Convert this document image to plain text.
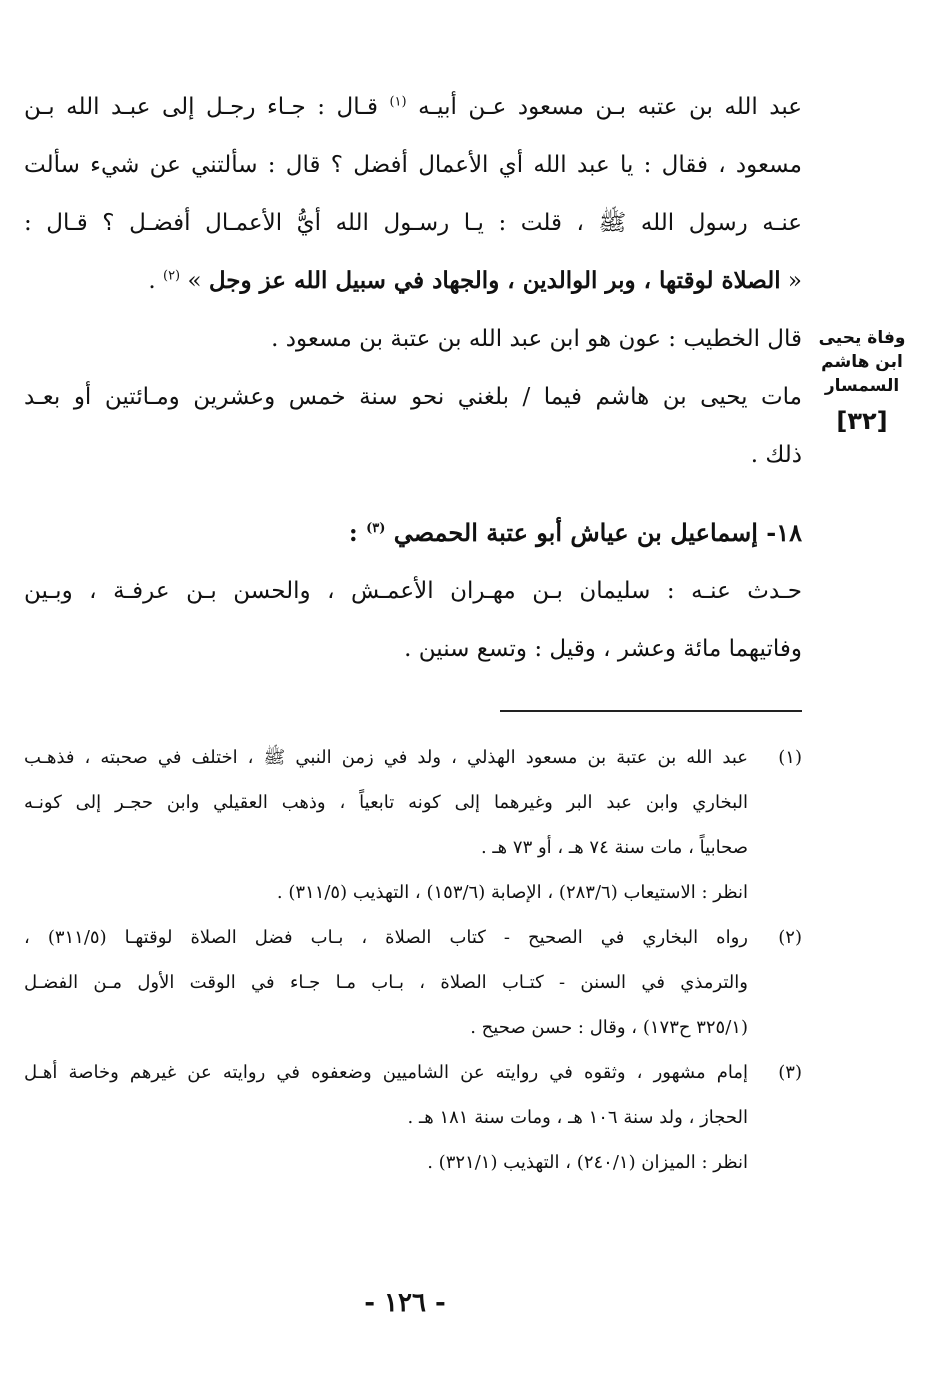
عبد الله بن عتبه بـن مسعود عـن أبيـه $^{(١)}$ قـال : جـاء رجـل إلى عبـد الله بـن
مسعود ، فقال : يا عبد الله أي الأعمال أفضل ؟ قال : سألتني عن شيء سألت
عنـه رسول الله ﷺ ، قلت : يـا رسـول الله أيُّ الأعمـال أفضـل ؟ قـال :
« الصلاة لوقتها ، وبر الوالدين ، والجهاد في سبيل الله عز وجل » $^{(٢)}$ .

قال الخطيب : عون هو ابن عبد الله بن عتبة بن مسعود .

مات يحيى بن هاشم فيما / بلغني نحو سنة خمس وعشرين ومـائتين أو بعـد
ذلك .

١٨- إسماعيل بن عياش أبو عتبة الحمصي $^{(٣)}$ :

حـدث عنـه : سليمان بـن مهـران الأعمـش ، والحسن بـن عرفـة ، وبـين
وفاتيهما مائة وعشر ، وقيل : وتسع سنين .

وفاة يحيى
ابن هاشم
السمسار
[٣٢]
(١)
عبد الله بن عتبة بن مسعود الهذلي ، ولد في زمن النبي ﷺ ، اختلف في صحبته ، فذهـب
البخاري وابن عبد البر وغيرهما إلى كونه تابعياً ، وذهب العقيلي وابن حجـر إلى كونـه
صحابياً ، مات سنة ٧٤ هـ ، أو ٧٣ هـ .
انظر : الاستيعاب (٢٨٣/٦) ، الإصابة (١٥٣/٦) ، التهذيب (٣١١/٥) .
(٢)
رواه البخاري في الصحيح - كتاب الصلاة ، بـاب فضل الصلاة لوقتهـا (٣١١/٥) ،
والترمذي في السنن - كتـاب الصلاة ، بـاب مـا جـاء في الوقت الأول مـن الفضـل
(٣٢٥/١ ح١٧٣) ، وقال : حسن صحيح .
(٣)
إمام مشهور ، وثقوه في روايته عن الشاميين وضعفوه في روايته عن غيرهم وخاصة أهـل
الحجاز ، ولد سنة ١٠٦ هـ ، ومات سنة ١٨١ هـ .
انظر : الميزان (٢٤٠/١) ، التهذيب (٣٢١/١) .
- ١٢٦ -
